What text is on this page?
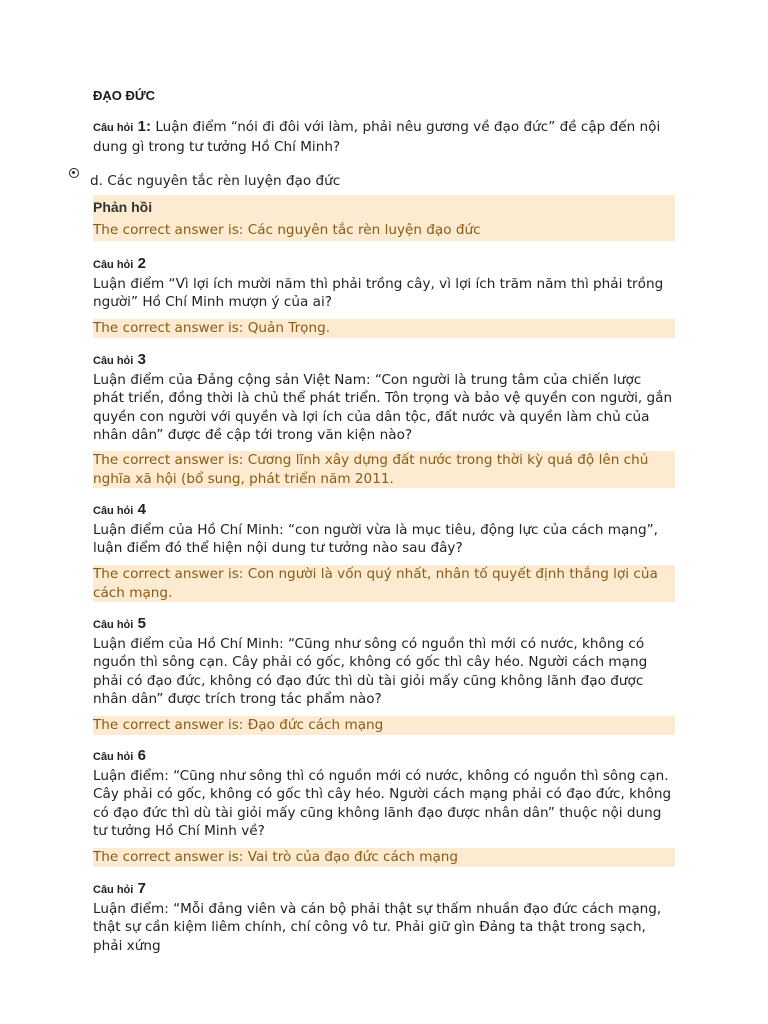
ĐẠO ĐỨC
Câu hỏi 1: Luận điểm “nói đi đôi với làm, phải nêu gương về đạo đức” đề cập đến nội dung gì trong tư tưởng Hồ Chí Minh?
d. Các nguyên tắc rèn luyện đạo đức
Phản hồi
The correct answer is: Các nguyên tắc rèn luyện đạo đức
Câu hỏi 2
Luận điểm “Vì lợi ích mười năm thì phải trồng cây, vì lợi ích trăm năm thì phải trồng người” Hồ Chí Minh mượn ý của ai?
The correct answer is: Quản Trọng.
Câu hỏi 3
Luận điểm của Đảng cộng sản Việt Nam: “Con người là trung tâm của chiến lược phát triển, đồng thời là chủ thể phát triển. Tôn trọng và bảo vệ quyền con người, gắn quyền con người với quyền và lợi ích của dân tộc, đất nước và quyền làm chủ của nhân dân” được đề cập tới trong văn kiện nào?
The correct answer is: Cương lĩnh xây dựng đất nước trong thời kỳ quá độ lên chủ nghĩa xã hội (bổ sung, phát triển năm 2011.
Câu hỏi 4
Luận điểm của Hồ Chí Minh: “con người vừa là mục tiêu, động lực của cách mạng”, luận điểm đó thể hiện nội dung tư tưởng nào sau đây?
The correct answer is: Con người là vốn quý nhất, nhân tố quyết định thắng lợi của cách mạng.
Câu hỏi 5
Luận điểm của Hồ Chí Minh: “Cũng như sông có nguồn thì mới có nước, không có nguồn thì sông cạn. Cây phải có gốc, không có gốc thì cây héo. Người cách mạng phải có đạo đức, không có đạo đức thì dù tài giỏi mấy cũng không lãnh đạo được nhân dân” được trích trong tác phẩm nào?
The correct answer is: Đạo đức cách mạng
Câu hỏi 6
Luận điểm: “Cũng như sông thì có nguồn mới có nước, không có nguồn thì sông cạn. Cây phải có gốc, không có gốc thì cây héo. Người cách mạng phải có đạo đức, không có đạo đức thì dù tài giỏi mấy cũng không lãnh đạo được nhân dân” thuộc nội dung tư tưởng Hồ Chí Minh về?
The correct answer is: Vai trò của đạo đức cách mạng
Câu hỏi 7
Luận điểm: “Mỗi đảng viên và cán bộ phải thật sự thấm nhuần đạo đức cách mạng, thật sự cần kiệm liêm chính, chí công vô tư. Phải giữ gìn Đảng ta thật trong sạch, phải xứng
